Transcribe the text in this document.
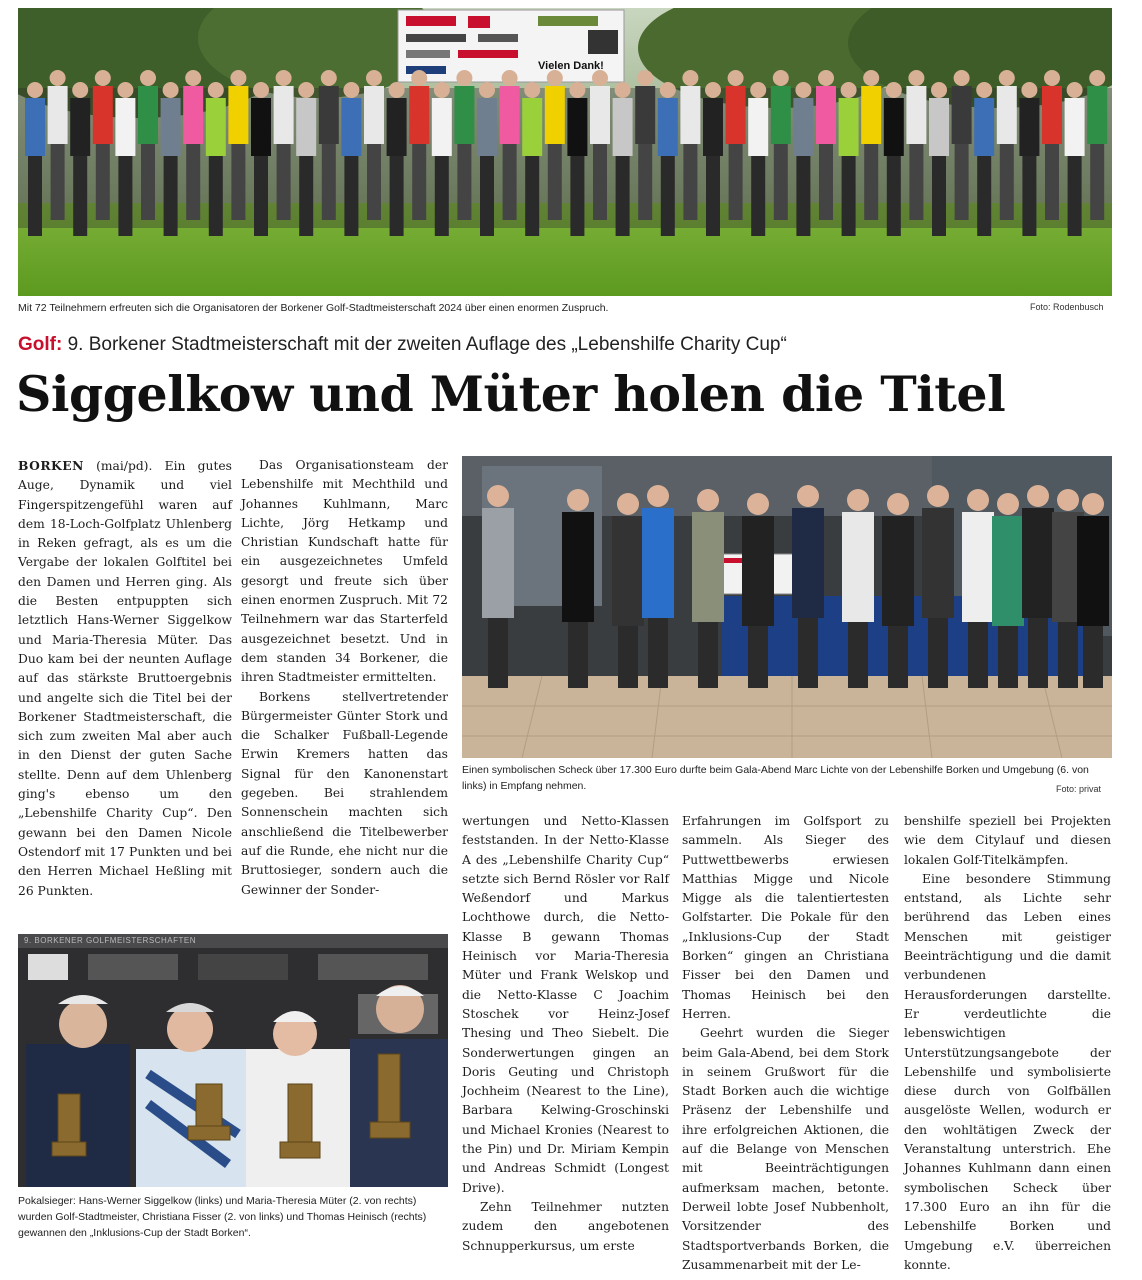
Vielen Dank!
Mit 72 Teilnehmern erfreuten sich die Organisatoren der Borkener Golf-Stadtmeisterschaft 2024 über einen enormen Zuspruch.	Foto: Rodenbusch
Golf: 9. Borkener Stadtmeisterschaft mit der zweiten Auflage des „Lebenshilfe Charity Cup“
Siggelkow und Müter holen die Titel

BORKEN (mai/pd). Ein gutes Auge, Dynamik und viel Fingerspitzengefühl waren auf dem 18-Loch-Golfplatz Uhlenberg in Reken gefragt, als es um die Vergabe der lokalen Golftitel bei den Damen und Herren ging. Als die Besten entpuppten sich letztlich Hans-Werner Siggelkow und Maria-Theresia Müter. Das Duo kam bei der neunten Auflage auf das stärkste Bruttoergebnis und angelte sich die Titel bei der Borkener Stadtmeisterschaft, die sich zum zweiten Mal aber auch in den Dienst der guten Sache stellte. Denn auf dem Uhlenberg ging's ebenso um den „Lebenshilfe Charity Cup“. Den gewann bei den Damen Nicole Ostendorf mit 17 Punkten und bei den Herren Michael Heßling mit 26 Punkten.

Das Organisationsteam der Lebenshilfe mit Mechthild und Johannes Kuhlmann, Marc Lichte, Jörg Hetkamp und Christian Kundschaft hatte für ein ausgezeichnetes Umfeld gesorgt und freute sich über einen enormen Zuspruch. Mit 72 Teilnehmern war das Starterfeld ausgezeichnet besetzt. Und in dem standen 34 Borkener, die ihren Stadtmeister ermittelten.

Borkens stellvertretender Bürgermeister Günter Stork und die Schalker Fußball-Legende Erwin Kremers hatten das Signal für den Kanonenstart gegeben. Bei strahlendem Sonnenschein machten sich anschließend die Titelbewerber auf die Runde, ehe nicht nur die Bruttosieger, sondern auch die Gewinner der Sonder-

Einen symbolischen Scheck über 17.300 Euro durfte beim Gala-Abend Marc Lichte von der Lebenshilfe Borken und Umgebung (6. von links) in Empfang nehmen.	Foto: privat

wertungen und Netto-Klassen feststanden. In der Netto-Klasse A des „Lebenshilfe Charity Cup“ setzte sich Bernd Rösler vor Ralf Weßendorf und Markus Lochthowe durch, die Netto-Klasse B gewann Thomas Heinisch vor Maria-Theresia Müter und Frank Welskop und die Netto-Klasse C Joachim Stoschek vor Heinz-Josef Thesing und Theo Siebelt. Die Sonderwertungen gingen an Doris Geuting und Christoph Jochheim (Nearest to the Line), Barbara Kelwing-Groschinski und Michael Kronies (Nearest to the Pin) und Dr. Miriam Kempin und Andreas Schmidt (Longest Drive).

Zehn Teilnehmer nutzten zudem den angebotenen Schnupperkursus, um erste

Erfahrungen im Golfsport zu sammeln. Als Sieger des Puttwettbewerbs erwiesen Matthias Migge und Nicole Migge als die talentiertesten Golfstarter. Die Pokale für den „Inklusions-Cup der Stadt Borken“ gingen an Christiana Fisser bei den Damen und Thomas Heinisch bei den Herren.

Geehrt wurden die Sieger beim Gala-Abend, bei dem Stork in seinem Grußwort für die Stadt Borken auch die wichtige Präsenz der Lebenshilfe und ihre erfolgreichen Aktionen, die auf die Belange von Menschen mit Beeinträchtigungen aufmerksam machen, betonte. Derweil lobte Josef Nubbenholt, Vorsitzender des Stadtsportverbands Borken, die Zusammenarbeit mit der Le-

benshilfe speziell bei Projekten wie dem Citylauf und diesen lokalen Golf-Titelkämpfen.

Eine besondere Stimmung entstand, als Lichte sehr berührend das Leben eines Menschen mit geistiger Beeinträchtigung und die damit verbundenen Herausforderungen darstellte. Er verdeutlichte die lebenswichtigen Unterstützungsangebote der Lebenshilfe und symbolisierte diese durch von Golfbällen ausgelöste Wellen, wodurch er den wohltätigen Zweck der Veranstaltung unterstrich. Ehe Johannes Kuhlmann dann einen symbolischen Scheck über 17.300 Euro an ihn für die Lebenshilfe Borken und Umgebung e.V. überreichen konnte.

9. BORKENER GOLFMEISTERSCHAFTEN
Pokalsieger: Hans-Werner Siggelkow (links) und Maria-Theresia Müter (2. von rechts) wurden Golf-Stadtmeister, Christiana Fisser (2. von links) und Thomas Heinisch (rechts) gewannen den „Inklusions-Cup der Stadt Borken“.
